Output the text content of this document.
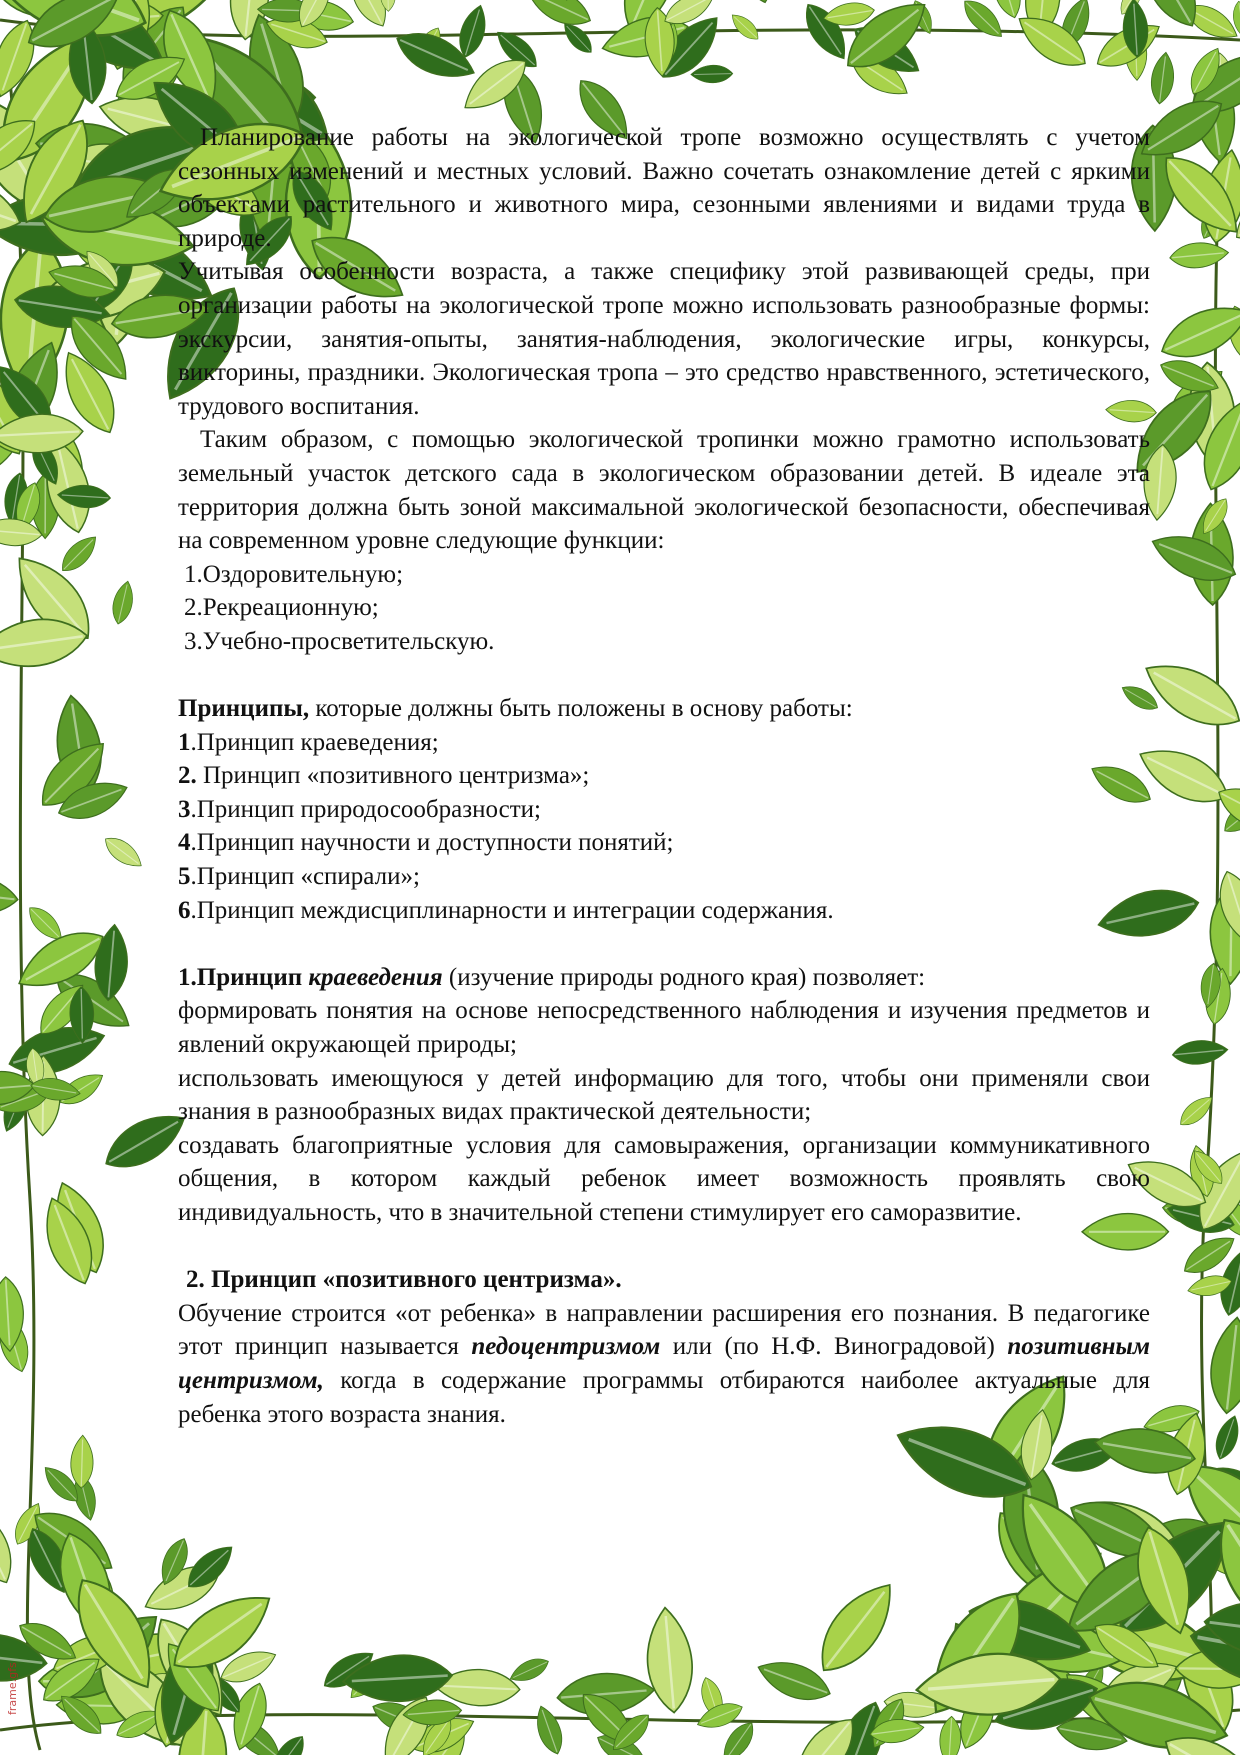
Планирование работы на экологической тропе возможно осуществлять с учетом сезонных изменений и местных условий. Важно сочетать ознакомление детей с яркими объектами растительного и животного мира, сезонными явлениями и видами труда в природе.

Учитывая особенности возраста, а также специфику этой развивающей среды, при организации работы на экологической тропе можно использовать разнообразные формы: экскурсии, занятия-опыты, занятия-наблюдения, экологические игры, конкурсы, викторины, праздники. Экологическая тропа – это средство нравственного, эстетического, трудового воспитания.

Таким образом, с помощью экологической тропинки можно грамотно использовать земельный участок детского сада в экологическом образовании детей. В идеале эта территория должна быть зоной максимальной экологической безопасности, обеспечивая на современном уровне следующие функции:

1.Оздоровительную;

2.Рекреационную;

3.Учебно-просветительскую.

Принципы, которые должны быть положены в основу работы:

1.Принцип краеведения;

2. Принцип «позитивного центризма»;

3.Принцип природосообразности;

4.Принцип научности и доступности понятий;

5.Принцип «спирали»;

6.Принцип междисциплинарности и интеграции содержания.

1.Принцип краеведения (изучение природы родного края) позволяет:

формировать понятия на основе непосредственного наблюдения и изучения предметов и явлений окружающей природы;

использовать имеющуюся у детей информацию для того, чтобы они применяли свои знания в разнообразных видах практической деятельности;

создавать благоприятные условия для самовыражения, организации коммуникативного общения, в котором каждый ребенок имеет возможность проявлять свою индивидуальность, что в значительной степени стимулирует его саморазвитие.

2. Принцип «позитивного центризма».

Обучение строится «от ребенка» в направлении расширения его познания. В педагогике этот принцип называется педоцентризмом или (по Н.Ф. Виноградовой) позитивным центризмом, когда в содержание программы отбираются наиболее актуальные для ребенка этого возраста знания.

frame.gfs
